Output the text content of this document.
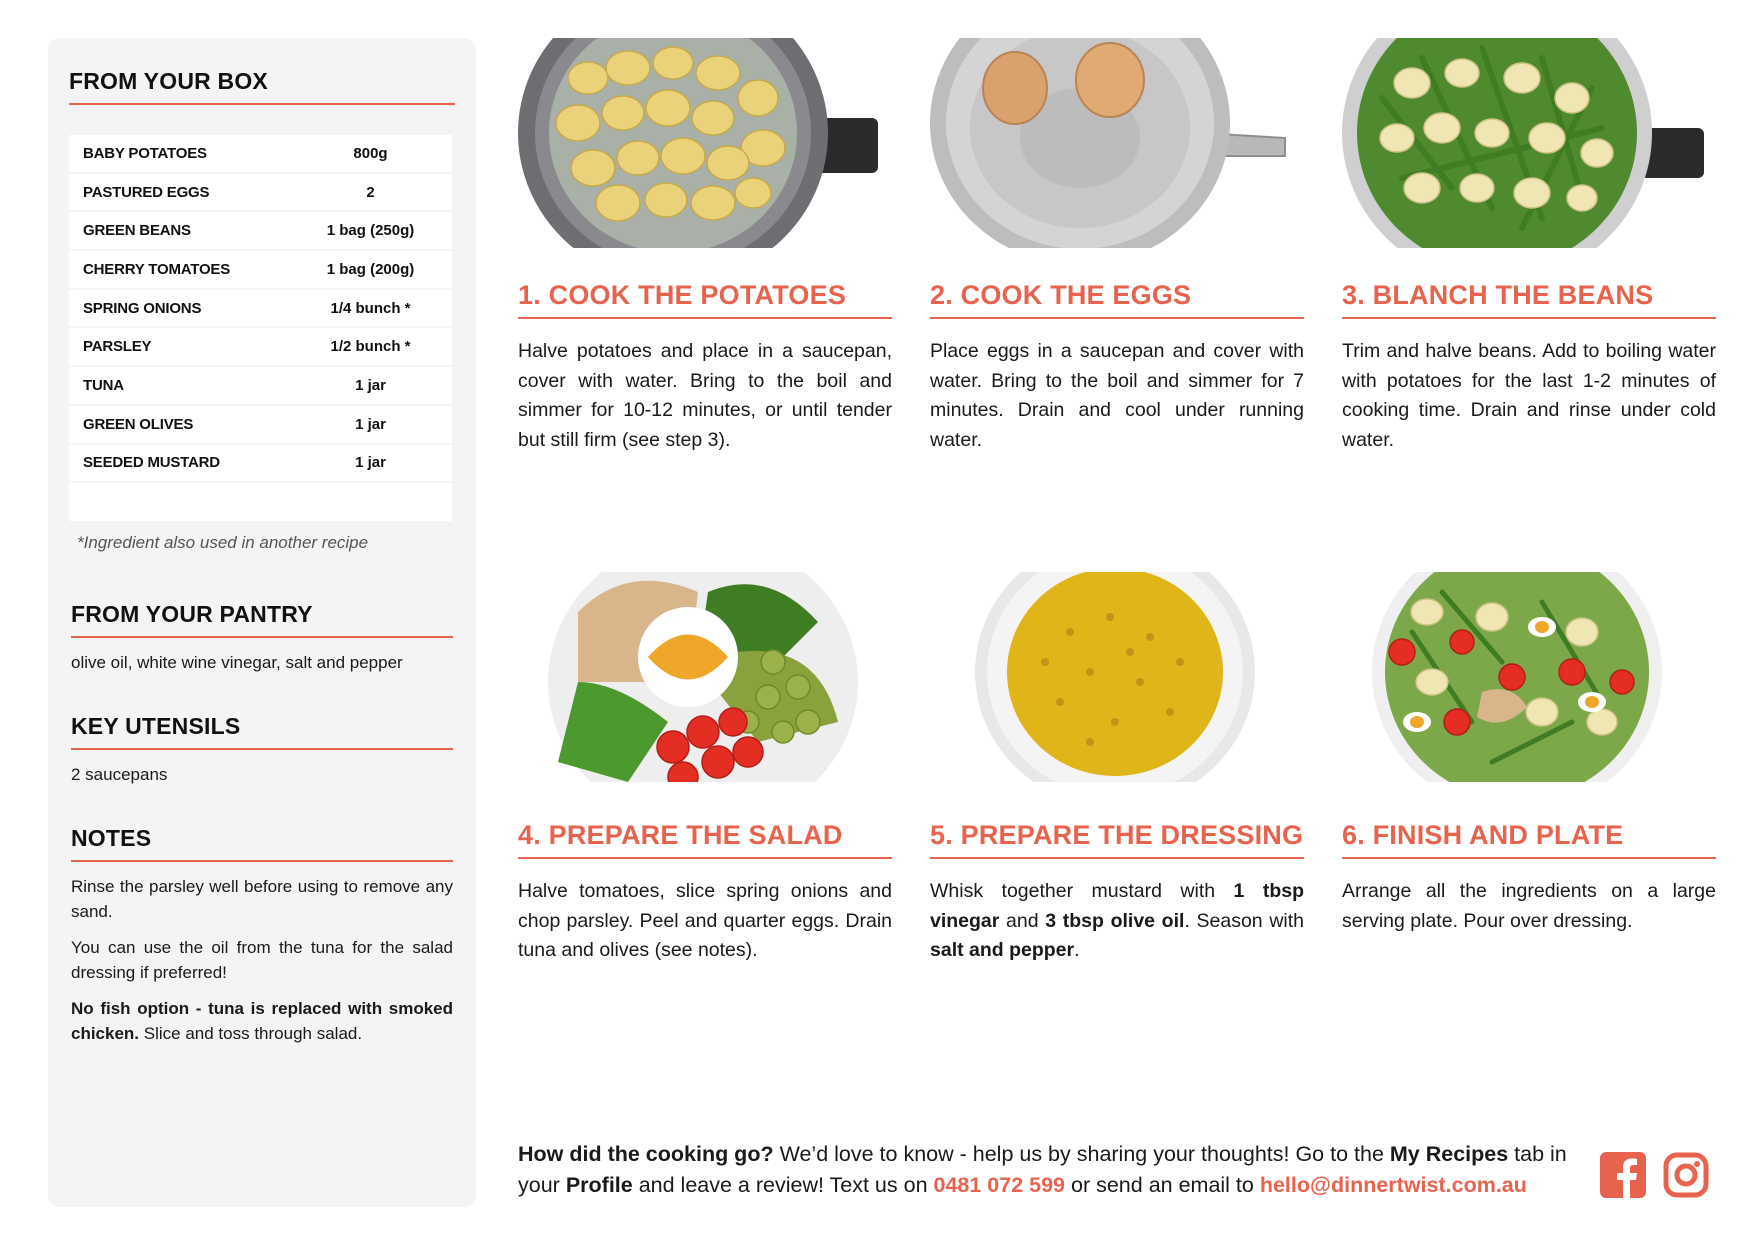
FROM YOUR BOX
BABY POTATOES	800g
PASTURED EGGS	2
GREEN BEANS	1 bag (250g)
CHERRY TOMATOES	1 bag (200g)
SPRING ONIONS	1/4 bunch *
PARSLEY	1/2 bunch *
TUNA	1 jar
GREEN OLIVES	1 jar
SEEDED MUSTARD	1 jar
*Ingredient also used in another recipe
FROM YOUR PANTRY
olive oil, white wine vinegar, salt and pepper
KEY UTENSILS
2 saucepans
NOTES

Rinse the parsley well before using to remove any sand.

You can use the oil from the tuna for the salad dressing if preferred!

No fish option - tuna is replaced with smoked chicken. Slice and toss through salad.

1. COOK THE POTATOES
Halve potatoes and place in a saucepan, cover with water. Bring to the boil and simmer for 10-12 minutes, or until tender but still firm (see step 3).
2. COOK THE EGGS
Place eggs in a saucepan and cover with water. Bring to the boil and simmer for 7 minutes. Drain and cool under running water.
3. BLANCH THE BEANS
Trim and halve beans. Add to boiling water with potatoes for the last 1-2 minutes of cooking time. Drain and rinse under cold water.
4. PREPARE THE SALAD
Halve tomatoes, slice spring onions and chop parsley. Peel and quarter eggs. Drain tuna and olives (see notes).
5. PREPARE THE DRESSING
Whisk together mustard with 1 tbsp vinegar and 3 tbsp olive oil. Season with salt and pepper.
6. FINISH AND PLATE
Arrange all the ingredients on a large serving plate. Pour over dressing.
How did the cooking go? We’d love to know - help us by sharing your thoughts! Go to the My Recipes tab in your Profile and leave a review! Text us on 0481 072 599 or send an email to hello@dinnertwist.com.au
